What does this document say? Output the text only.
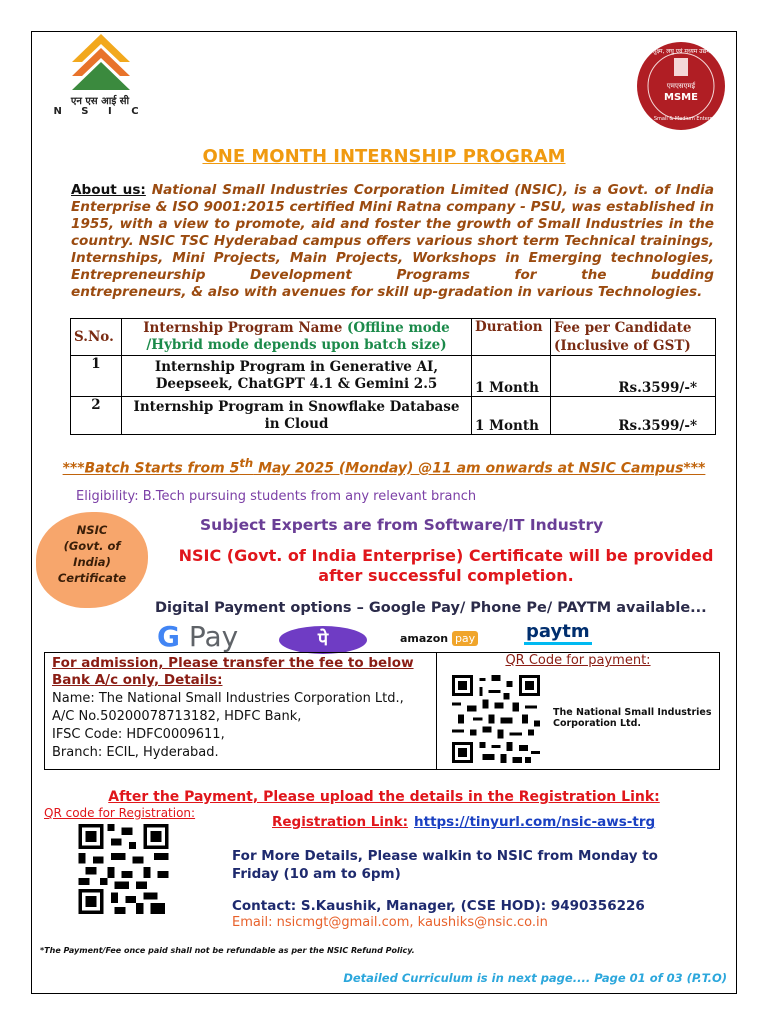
एन एस आई सी
N S I C
सूक्ष्म, लघु एवं मध्यम उद्यम
एमएसएमई
MSME
Micro, Small & Medium Enterprises
ONE MONTH INTERNSHIP PROGRAM
About us: National Small Industries Corporation Limited (NSIC), is a Govt. of India Enterprise & ISO 9001:2015 certified Mini Ratna company - PSU, was established in 1955, with a view to promote, aid and foster the growth of Small Industries in the country. NSIC TSC Hyderabad campus offers various short term Technical trainings, Internships, Mini Projects, Main Projects, Workshops in Emerging technologies, Entrepreneurship Development Programs for the budding
entrepreneurs, & also with avenues for skill up-gradation in various Technologies.
S.No.	Internship Program Name (Offline mode /Hybrid mode depends upon batch size)	Duration	Fee per Candidate (Inclusive of GST)
1	Internship Program in Generative AI, Deepseek, ChatGPT 4.1 & Gemini 2.5	1 Month	Rs.3599/-*
2	Internship Program in Snowflake Database in Cloud	1 Month	Rs.3599/-*
***Batch Starts from 5th May 2025 (Monday) @11 am onwards at NSIC Campus***
Eligibility: B.Tech pursuing students from any relevant branch
NSIC
(Govt. of
India)
Certificate
Subject Experts are from Software/IT Industry
NSIC (Govt. of India Enterprise) Certificate will be provided after successful completion.
Digital Payment options – Google Pay/ Phone Pe/ PAYTM available...
G Pay	पे	amazon pay	paytm
For admission, Please transfer the fee to below Bank A/c only, Details:
Name: The National Small Industries Corporation Ltd.,
A/C No.50200078713182, HDFC Bank,
IFSC Code: HDFC0009611,
Branch: ECIL, Hyderabad.
QR Code for payment:
The National Small Industries Corporation Ltd.
After the Payment, Please upload the details in the Registration Link:
QR code for Registration:
Registration Link: https://tinyurl.com/nsic-aws-trg
For More Details, Please walkin to NSIC from Monday to Friday (10 am to 6pm)
Contact: S.Kaushik, Manager, (CSE HOD): 9490356226
Email: nsicmgt@gmail.com, kaushiks@nsic.co.in
*The Payment/Fee once paid shall not be refundable as per the NSIC Refund Policy.
Detailed Curriculum is in next page.... Page 01 of 03 (P.T.O)
